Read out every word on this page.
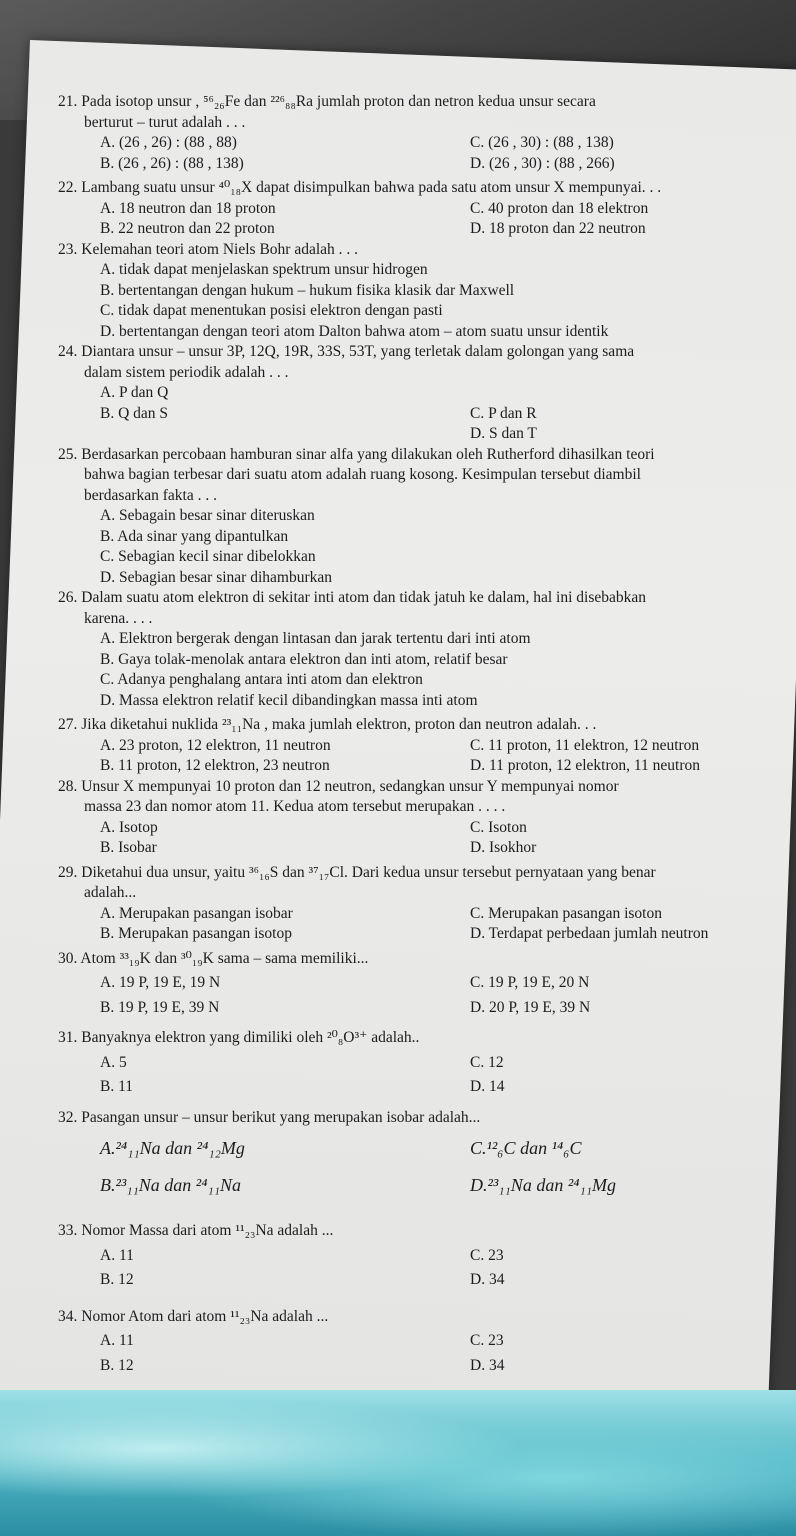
21. Pada isotop unsur , ⁵⁶₂₆Fe dan ²²⁶₈₈Ra jumlah proton dan netron kedua unsur secara
berturut – turut adalah . . .
A. (26 , 26) : (88 , 88)	C. (26 , 30) : (88 , 138)
B. (26 , 26) : (88 , 138)	D. (26 , 30) : (88 , 266)
22. Lambang suatu unsur ⁴⁰₁₈X dapat disimpulkan bahwa pada satu atom unsur X mempunyai. . .
A. 18 neutron dan 18 proton	C. 40 proton dan 18 elektron
B. 22 neutron dan 22 proton	D. 18 proton dan 22 neutron
23. Kelemahan teori atom Niels Bohr adalah . . .
A. tidak dapat menjelaskan spektrum unsur hidrogen
B. bertentangan dengan hukum – hukum fisika klasik dar Maxwell
C. tidak dapat menentukan posisi elektron dengan pasti
D. bertentangan dengan teori atom Dalton bahwa atom – atom suatu unsur identik
24. Diantara unsur – unsur 3P, 12Q, 19R, 33S, 53T, yang terletak dalam golongan yang sama
dalam sistem periodik adalah . . .
A. P dan Q
B. Q dan S	C. P dan R
D. S dan T
25. Berdasarkan percobaan hamburan sinar alfa yang dilakukan oleh Rutherford dihasilkan teori
bahwa bagian terbesar dari suatu atom adalah ruang kosong. Kesimpulan tersebut diambil
berdasarkan fakta . . .
A. Sebagain besar sinar diteruskan
B. Ada sinar yang dipantulkan
C. Sebagian kecil sinar dibelokkan
D. Sebagian besar sinar dihamburkan
26. Dalam suatu atom elektron di sekitar inti atom dan tidak jatuh ke dalam, hal ini disebabkan
karena. . . .
A. Elektron bergerak dengan lintasan dan jarak tertentu dari inti atom
B. Gaya tolak-menolak antara elektron dan inti atom, relatif besar
C. Adanya penghalang antara inti atom dan elektron
D. Massa elektron relatif kecil dibandingkan massa inti atom
27. Jika diketahui nuklida ²³₁₁Na , maka jumlah elektron, proton dan neutron adalah. . .
A. 23 proton, 12 elektron, 11 neutron	C. 11 proton, 11 elektron, 12 neutron
B. 11 proton, 12 elektron, 23 neutron	D. 11 proton, 12 elektron, 11 neutron
28. Unsur X mempunyai 10 proton dan 12 neutron, sedangkan unsur Y mempunyai nomor
massa 23 dan nomor atom 11. Kedua atom tersebut merupakan . . . .
A. Isotop	C. Isoton
B. Isobar	D. Isokhor
29. Diketahui dua unsur, yaitu ³⁶₁₆S dan ³⁷₁₇Cl. Dari kedua unsur tersebut pernyataan yang benar
adalah...
A. Merupakan pasangan isobar	C. Merupakan pasangan isoton
B. Merupakan pasangan isotop	D. Terdapat perbedaan jumlah neutron
30. Atom ³³₁₉K dan ³⁰₁₉K sama – sama memiliki...
A. 19 P, 19 E, 19 N	C. 19 P, 19 E, 20 N
B. 19 P, 19 E, 39 N	D. 20 P, 19 E, 39 N
31. Banyaknya elektron yang dimiliki oleh ²⁰₈O³⁺ adalah..
A. 5	C. 12
B. 11	D. 14
32. Pasangan unsur – unsur berikut yang merupakan isobar adalah...
A.²⁴₁₁Na dan ²⁴₁₂Mg	C.¹²₆C dan ¹⁴₆C
B.²³₁₁Na dan ²⁴₁₁Na	D.²³₁₁Na dan ²⁴₁₁Mg
33. Nomor Massa dari atom ¹¹₂₃Na adalah ...
A. 11	C. 23
B. 12	D. 34
34. Nomor Atom dari atom ¹¹₂₃Na adalah ...
A. 11	C. 23
B. 12	D. 34
